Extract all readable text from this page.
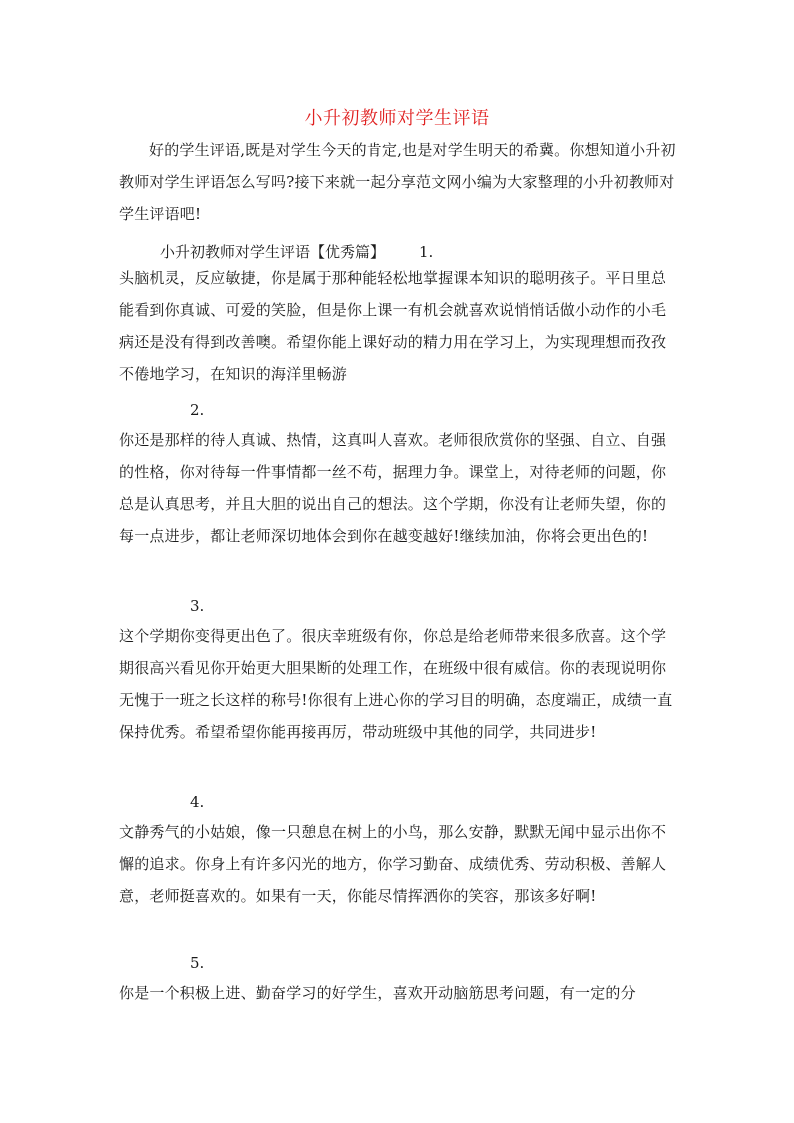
小升初教师对学生评语
好的学生评语,既是对学生今天的肯定,也是对学生明天的希冀。你想知道小升初教师对学生评语怎么写吗?接下来就一起分享范文网小编为大家整理的小升初教师对学生评语吧!
小升初教师对学生评语【优秀篇】 1.
头脑机灵，反应敏捷，你是属于那种能轻松地掌握课本知识的聪明孩子。平日里总能看到你真诚、可爱的笑脸，但是你上课一有机会就喜欢说悄悄话做小动作的小毛病还是没有得到改善噢。希望你能上课好动的精力用在学习上，为实现理想而孜孜不倦地学习，在知识的海洋里畅游
2.
你还是那样的待人真诚、热情，这真叫人喜欢。老师很欣赏你的坚强、自立、自强的性格，你对待每一件事情都一丝不苟，据理力争。课堂上，对待老师的问题，你总是认真思考，并且大胆的说出自己的想法。这个学期，你没有让老师失望，你的每一点进步，都让老师深切地体会到你在越变越好!继续加油，你将会更出色的!
3.
这个学期你变得更出色了。很庆幸班级有你，你总是给老师带来很多欣喜。这个学期很高兴看见你开始更大胆果断的处理工作，在班级中很有威信。你的表现说明你无愧于一班之长这样的称号!你很有上进心你的学习目的明确，态度端正，成绩一直保持优秀。希望希望你能再接再厉，带动班级中其他的同学，共同进步!
4.
文静秀气的小姑娘，像一只憩息在树上的小鸟，那么安静，默默无闻中显示出你不懈的追求。你身上有许多闪光的地方，你学习勤奋、成绩优秀、劳动积极、善解人意，老师挺喜欢的。如果有一天，你能尽情挥洒你的笑容，那该多好啊!
5.
你是一个积极上进、勤奋学习的好学生，喜欢开动脑筋思考问题，有一定的分
